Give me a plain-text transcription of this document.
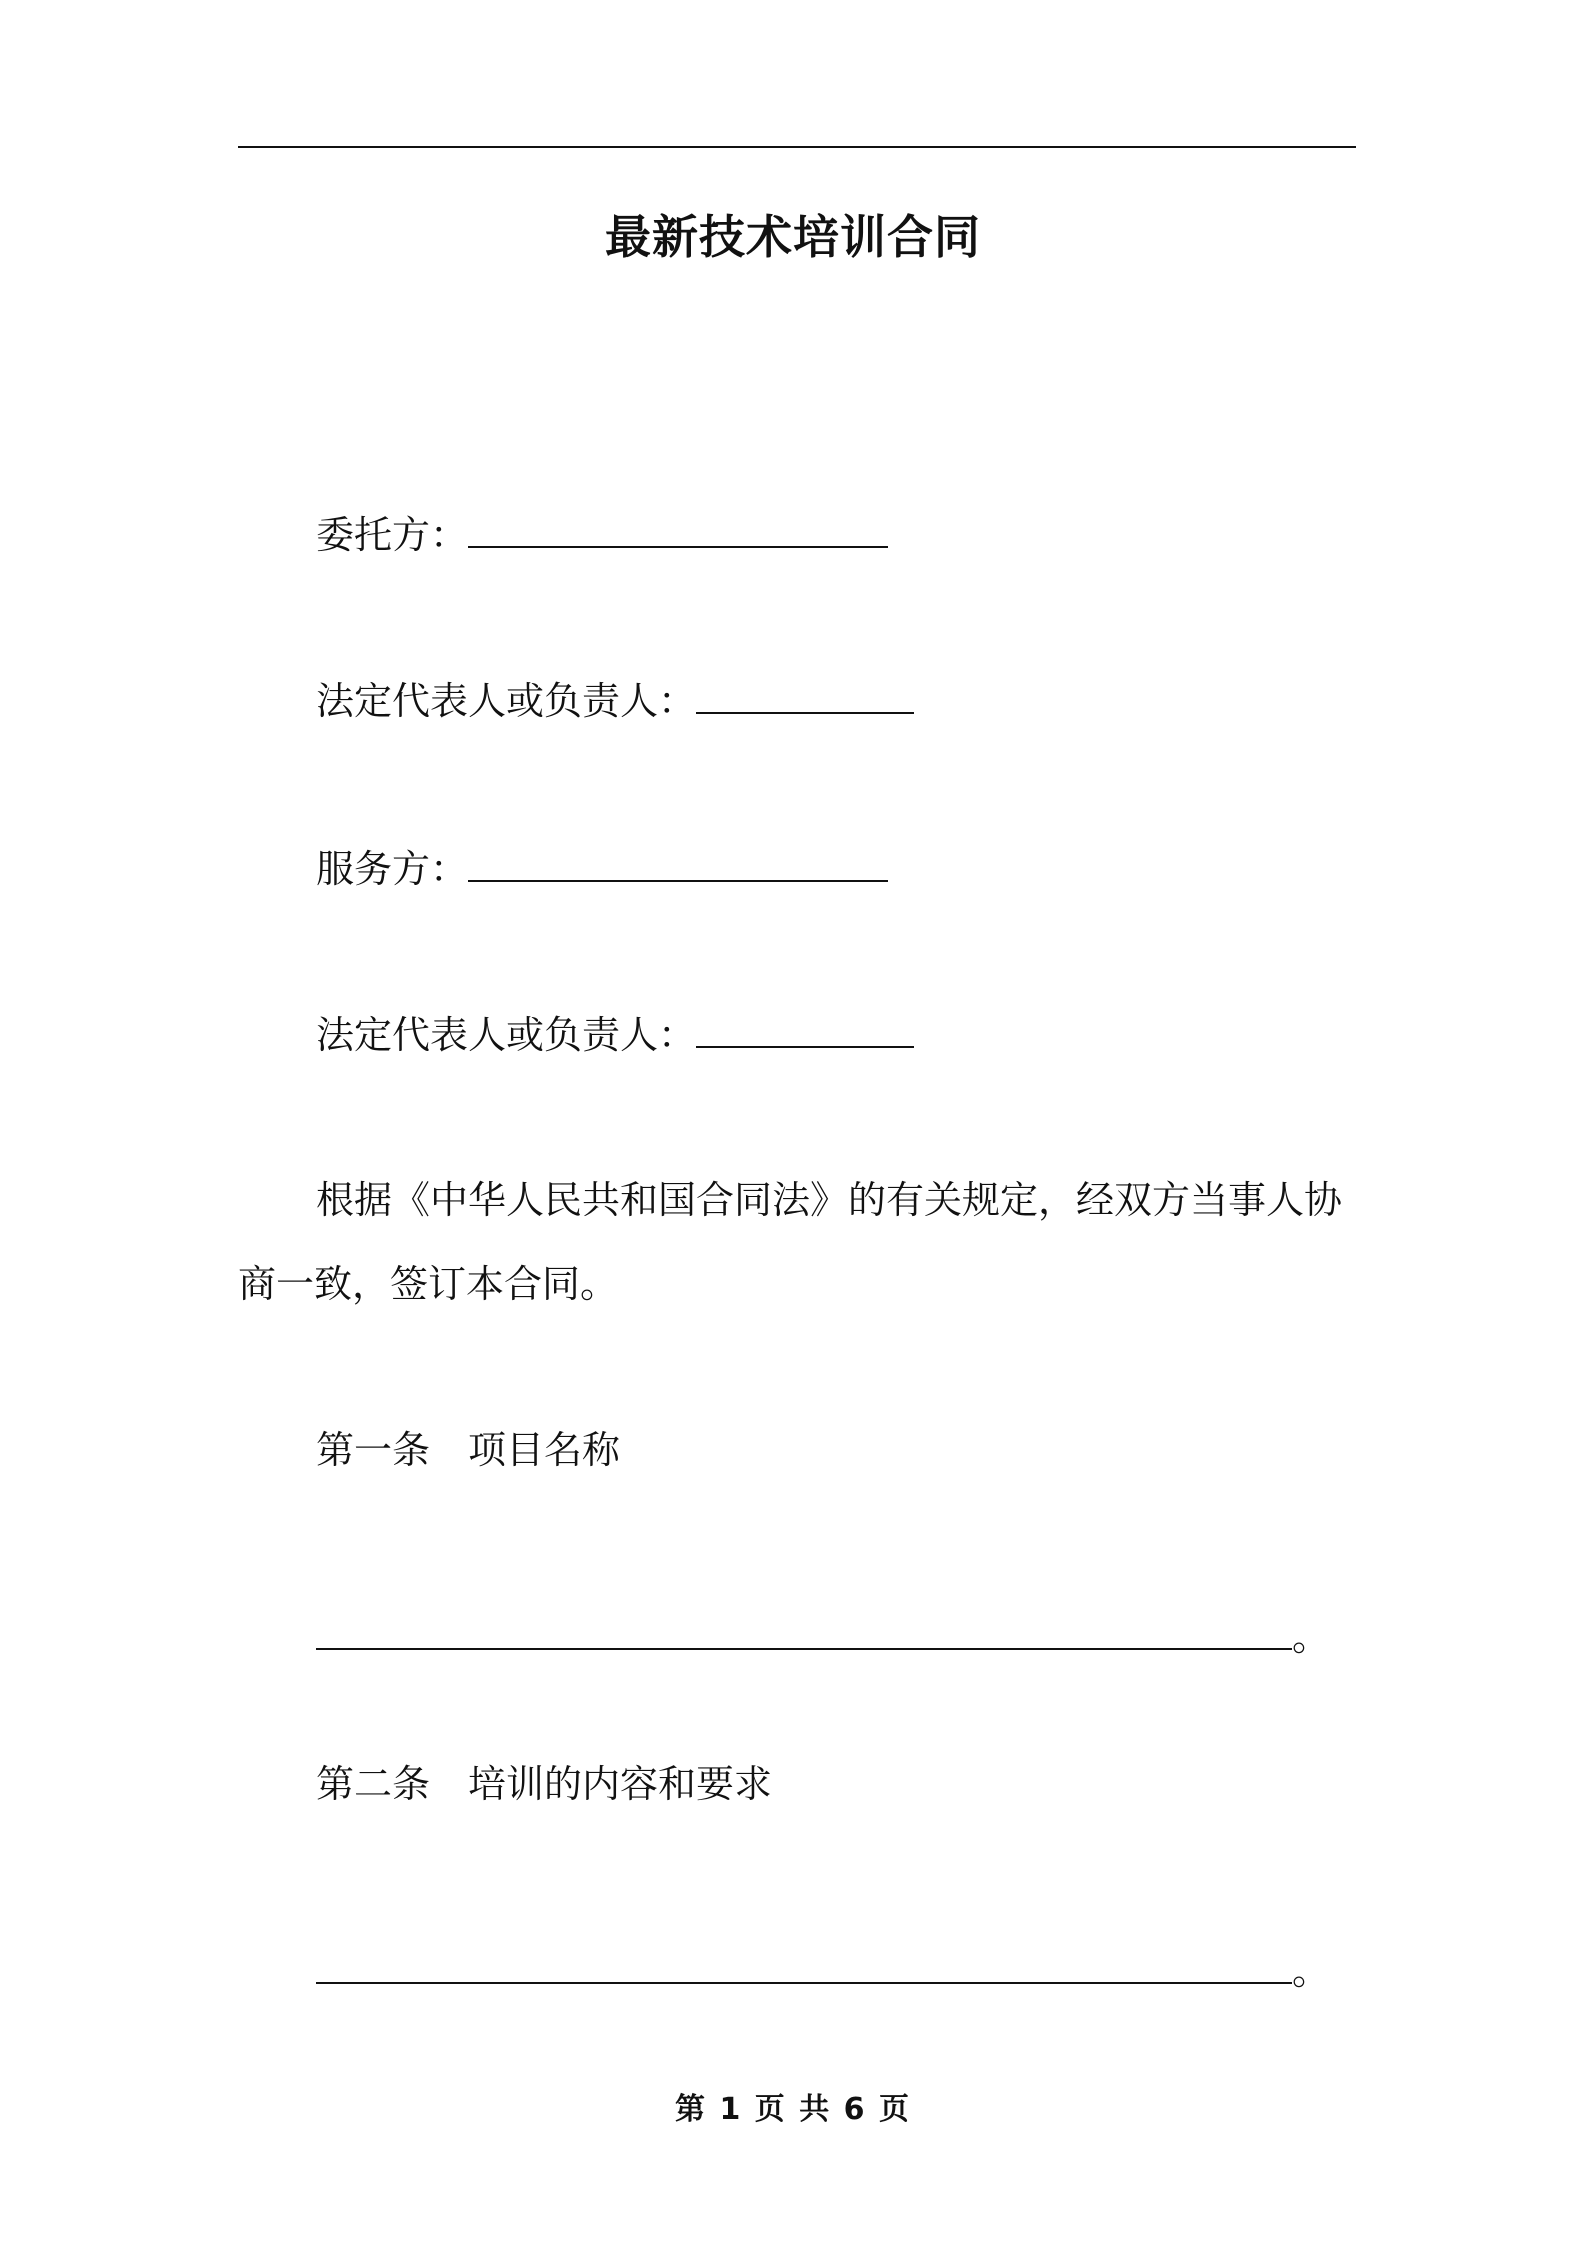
最新技术培训合同
委托方：
法定代表人或负责人：
服务方：
法定代表人或负责人：
根据《中华人民共和国合同法》的有关规定，经双方当事人协商一致，签订本合同。
第一条 项目名称
。
第二条 培训的内容和要求
。
第 1 页 共 6 页
